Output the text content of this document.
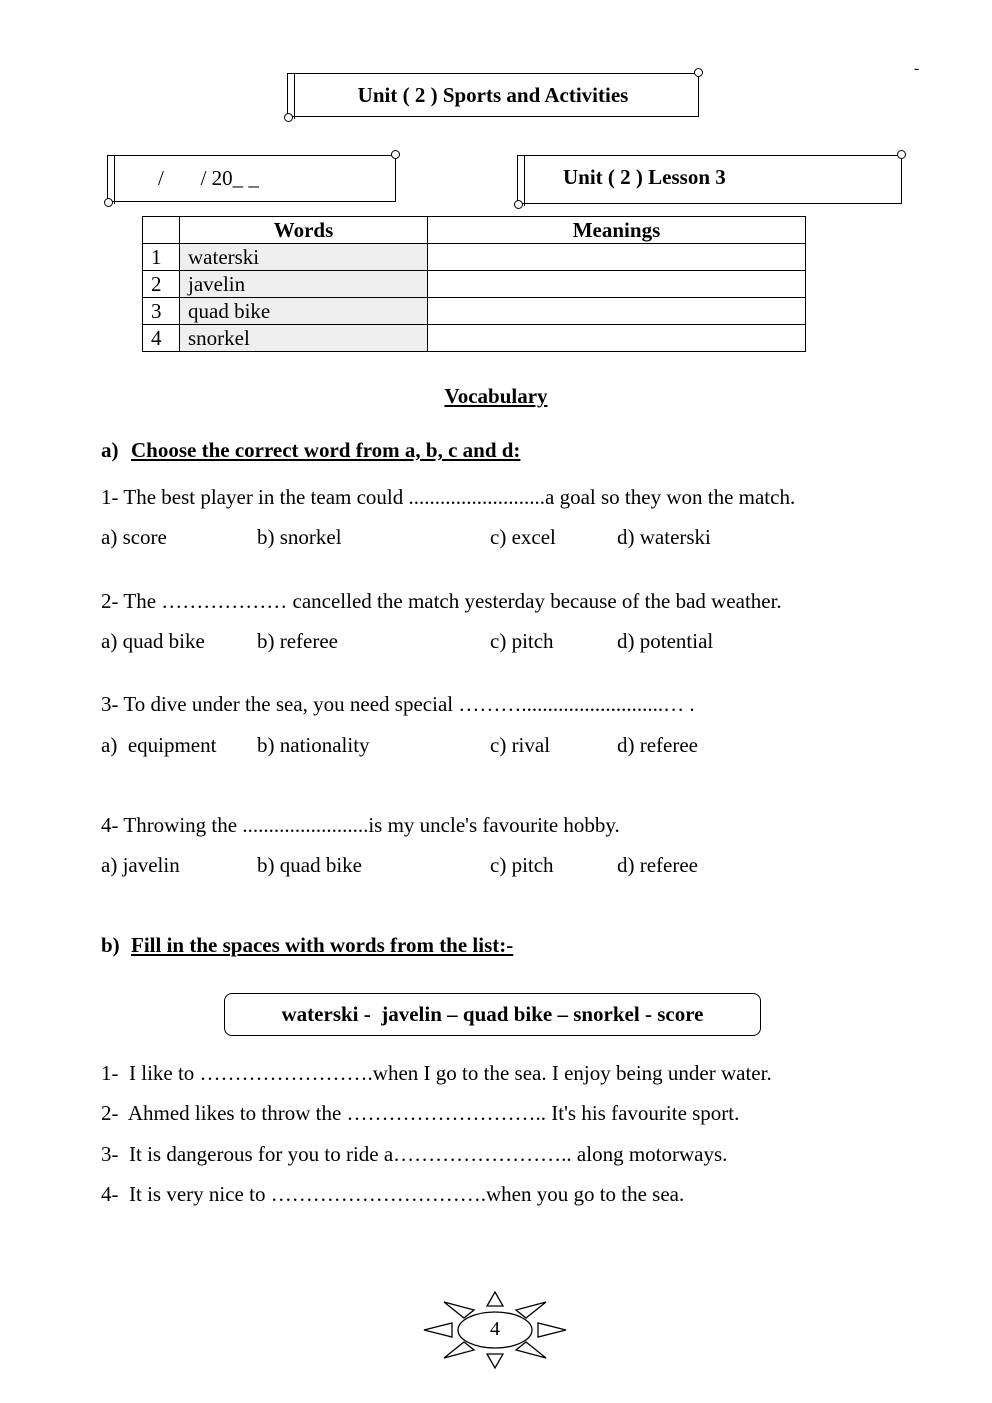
-
Unit ( 2 ) Sports and Activities
/       / 20_ _	Unit ( 2 ) Lesson 3
	Words	Meanings
1	waterski	
2	javelin	
3	quad bike	
4	snorkel	
Vocabulary
a) Choose the correct word from a, b, c and d:
1- The best player in the team could ..........................a goal so they won the match.
a) score	b) snorkel	c) excel	d) waterski
2- The ……………… cancelled the match yesterday because of the bad weather.
a) quad bike b) referee	c) pitch	d) potential
3- To dive under the sea, you need special ………...........................… .
a)  equipment b) nationality	c) rival	d) referee
4- Throwing the ........................is my uncle's favourite hobby.
a) javelin	b) quad bike	c) pitch	d) referee
b) Fill in the spaces with words from the list:-
waterski -  javelin – quad bike – snorkel - score
1-  I like to …………………….when I go to the sea. I enjoy being under water.
2-  Ahmed likes to throw the ……………………….. It's his favourite sport.
3-  It is dangerous for you to ride a…………………….. along motorways.
4-  It is very nice to ………………………….when you go to the sea.
4
